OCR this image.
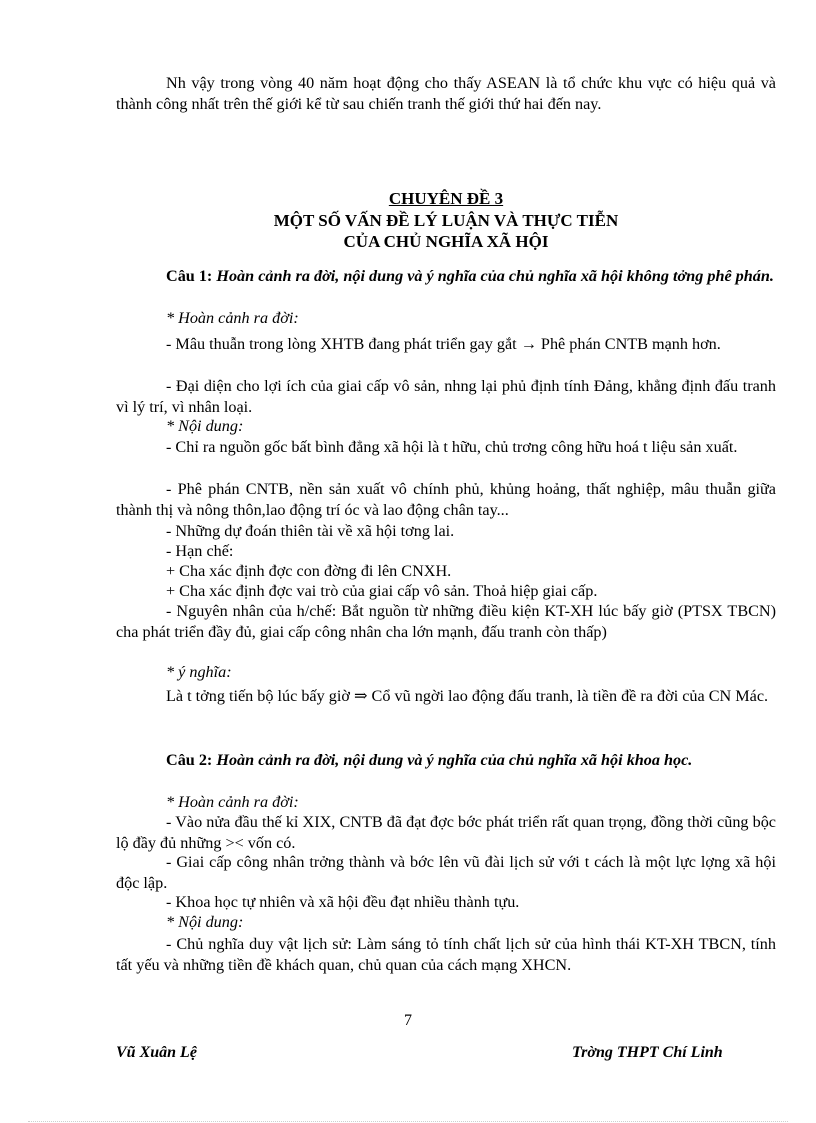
Nh vậy trong vòng 40 năm hoạt động cho thấy ASEAN là tổ chức khu vực có hiệu quả và thành công nhất trên thế giới kể từ sau chiến tranh thế giới thứ hai đến nay.

CHUYÊN ĐỀ 3
MỘT SỐ VẤN ĐỀ LÝ LUẬN VÀ THỰC TIỄN
CỦA CHỦ NGHĨA XÃ HỘI

Câu 1: Hoàn cảnh ra đời, nội dung và ý nghĩa của chủ nghĩa xã hội không tởng phê phán.

* Hoàn cảnh ra đời:

- Mâu thuẫn trong lòng XHTB đang phát triển gay gắt → Phê phán CNTB mạnh hơn.

- Đại diện cho lợi ích của giai cấp vô sản, nhng lại phủ định tính Đảng, khẳng định đấu tranh vì lý trí, vì nhân loại.

* Nội dung:

- Chỉ ra nguồn gốc bất bình đẳng xã hội là t hữu, chủ trơng công hữu hoá t liệu sản xuất.

- Phê phán CNTB, nền sản xuất vô chính phủ, khủng hoảng, thất nghiệp, mâu thuẫn giữa thành thị và nông thôn,lao động trí óc và lao động chân tay...

- Những dự đoán thiên tài về xã hội tơng lai.

- Hạn chế:

+ Cha xác định đợc con đờng đi lên CNXH.

+ Cha xác định đợc vai trò của giai cấp vô sản. Thoả hiệp giai cấp.

- Nguyên nhân của h/chế: Bắt nguồn từ những điều kiện KT-XH lúc bấy giờ (PTSX TBCN) cha phát triển đầy đủ, giai cấp công nhân cha lớn mạnh, đấu tranh còn thấp)

* ý nghĩa:

Là t tởng tiến bộ lúc bấy giờ ⇒ Cổ vũ ngời lao động đấu tranh, là tiền đề ra đời của CN Mác.

Câu 2: Hoàn cảnh ra đời, nội dung và ý nghĩa của chủ nghĩa xã hội khoa học.

* Hoàn cảnh ra đời:

- Vào nửa đầu thế kỉ XIX, CNTB đã đạt đợc bớc phát triển rất quan trọng, đồng thời cũng bộc lộ đầy đủ những >< vốn có.

- Giai cấp công nhân trởng thành và bớc lên vũ đài lịch sử với t cách là một lực lợng xã hội độc lập.

- Khoa học tự nhiên và xã hội đều đạt nhiều thành tựu.

* Nội dung:

- Chủ nghĩa duy vật lịch sử: Làm sáng tỏ tính chất lịch sử của hình thái KT-XH TBCN, tính tất yếu và những tiền đề khách quan, chủ quan của cách mạng XHCN.

7
Vũ Xuân Lệ	Trờng THPT Chí Linh
